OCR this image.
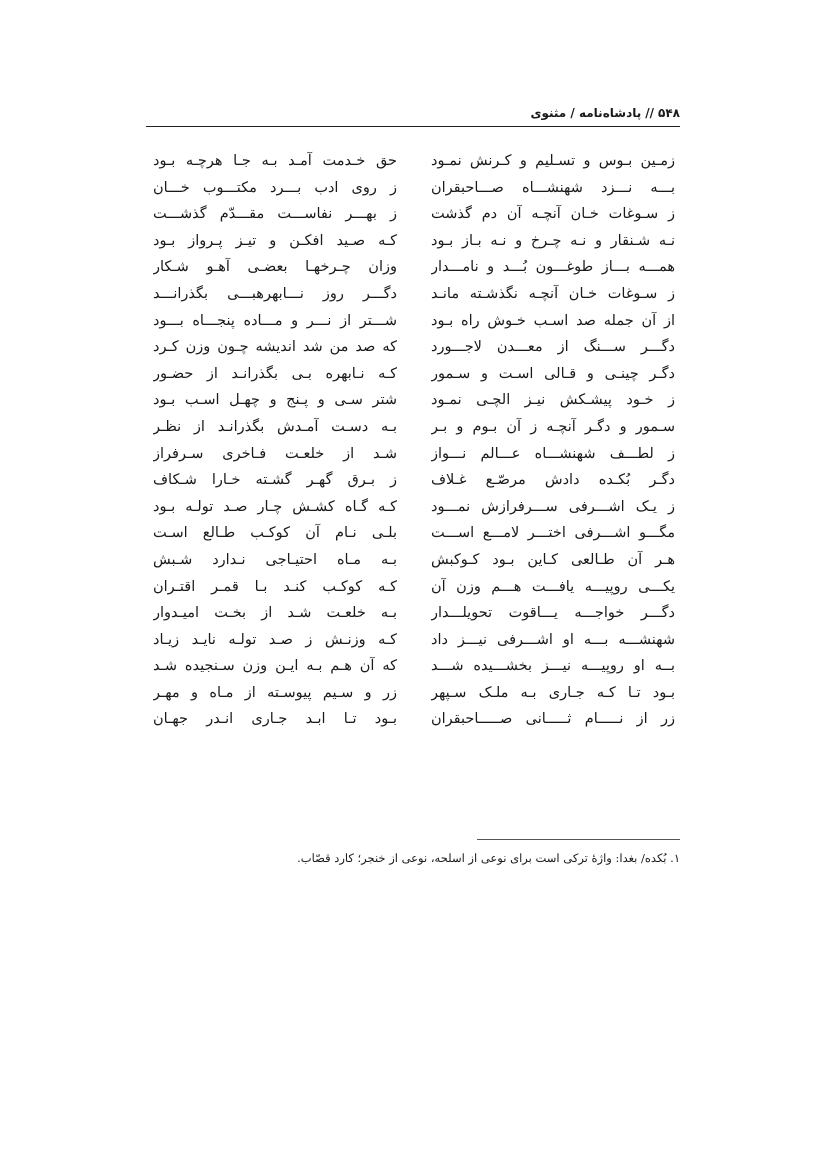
۵۴۸//پادشاه‌نامه / مثنوی
زمـین بـوس و تسـلیم و کـرنش نمـود
بـــه نـــزد شهنشـــاه صـــاحبقران
ز سـوغات خـان آنچـه آن دم گذشت
نـه شـنقار و نـه چـرخ و نـه بـاز بـود
همـــه بـــاز طوغـــون بُـــد و نامـــدار
ز سـوغات خـان آنچـه نگذشـته مانـد
از آن جمله صد اسـب خـوش راه بـود
دگـــر ســـنگ از معـــدن لاجـــورد
دگـر چینـی و قـالی اسـت و سـمور
ز خـود پیشـکش نیـز الچـی نمـود
سـمور و دگـر آنچـه ز آن بـوم و بـر
ز لطـــف شهنشـــاه عـــالم نـــواز
دگـر بُکـده دادش مرصّـع غـلاف
ز یـک اشـــرفی ســـرفرازش نمـــود
مگـــو اشـــرفی اختـــر لامـــع اســـت
هـر آن طـالعی کـاین بـود کـوکبش
یکـــی روپیـــه یافـــت هـــم وزن آن
دگـــر خواجـــه یـــاقوت تحویلـــدار
شهنشـــه بـــه او اشـــرفی نیـــز داد
بــه او روپیـــه نیـــز بخشـــیده شـــد
بـود تـا کـه جـاری بـه ملـک سـپهر
زر از نـــــام ثـــــانی صـــــاحبقران
حق خـدمت آمـد بـه جـا هرچـه بـود
ز روی ادب بـــرد مکتـــوب خـــان
ز بهـــر نفاســـت مقـــدّم گذشـــت
کـه صـید افکـن و تیـز پـرواز بـود
وزان چـرخهـا بعضـی آهـو شـکار
دگـــر روز نـــابهرهبـــی بگذرانـــد
شـــتر از نـــر و مـــاده پنجـــاه بـــود
که صد من شد اندیشه چـون وزن کـرد
کـه نـابهره بـی بگذرانـد از حضـور
شتر سـی و پـنج و چهـل اسـب بـود
بـه دسـت آمـدش بگذرانـد از نظـر
شـد از خلعـت فـاخری سـرفراز
ز بـرق گهـر گشـته خـارا شـکاف
کـه گـاه کشـش چـار صـد تولـه بـود
بلـی نـام آن کوکـب طـالع اسـت
بـه مـاه احتیـاجی نـدارد شـبش
کـه کوکـب کنـد بـا قمـر اقتـران
بـه خلعـت شـد از بخـت امیـدوار
کـه وزنـش ز صـد تولـه نایـد زیـاد
که آن هـم بـه ایـن وزن سـنجیده شـد
زر و سـیم پیوسـته از مـاه و مهـر
بـود تـا ابـد جـاری انـدر جهـان
۱. بُکده/ بغدا: واژهٔ ترکی است برای نوعی از اسلحه، نوعی از خنجر؛ کارد قصّاب.
